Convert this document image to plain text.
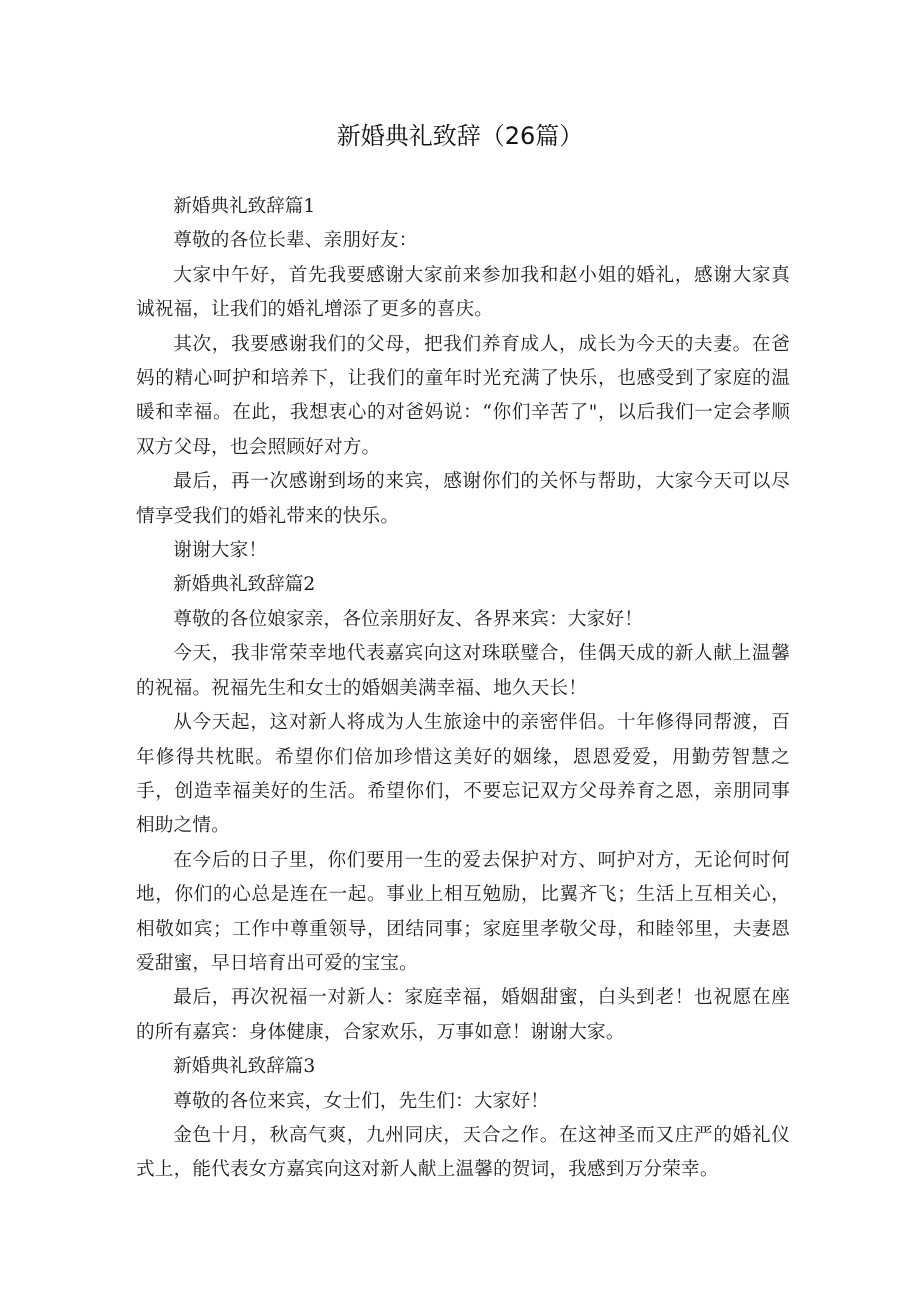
新婚典礼致辞（26篇）

新婚典礼致辞篇1

尊敬的各位长辈、亲朋好友：

大家中午好，首先我要感谢大家前来参加我和赵小姐的婚礼，感谢大家真诚祝福，让我们的婚礼增添了更多的喜庆。

其次，我要感谢我们的父母，把我们养育成人，成长为今天的夫妻。在爸妈的精心呵护和培养下，让我们的童年时光充满了快乐，也感受到了家庭的温暖和幸福。在此，我想衷心的对爸妈说：“你们辛苦了"，以后我们一定会孝顺双方父母，也会照顾好对方。

最后，再一次感谢到场的来宾，感谢你们的关怀与帮助，大家今天可以尽情享受我们的婚礼带来的快乐。

谢谢大家！

新婚典礼致辞篇2

尊敬的各位娘家亲，各位亲朋好友、各界来宾：大家好！

今天，我非常荣幸地代表嘉宾向这对珠联璧合，佳偶天成的新人献上温馨的祝福。祝福先生和女士的婚姻美满幸福、地久天长！

从今天起，这对新人将成为人生旅途中的亲密伴侣。十年修得同帮渡，百年修得共枕眠。希望你们倍加珍惜这美好的姻缘，恩恩爱爱，用勤劳智慧之手，创造幸福美好的生活。希望你们，不要忘记双方父母养育之恩，亲朋同事相助之情。

在今后的日子里，你们要用一生的爱去保护对方、呵护对方，无论何时何地，你们的心总是连在一起。事业上相互勉励，比翼齐飞；生活上互相关心，相敬如宾；工作中尊重领导，团结同事；家庭里孝敬父母，和睦邻里，夫妻恩爱甜蜜，早日培育出可爱的宝宝。

最后，再次祝福一对新人：家庭幸福，婚姻甜蜜，白头到老！也祝愿在座的所有嘉宾：身体健康，合家欢乐，万事如意！谢谢大家。

新婚典礼致辞篇3

尊敬的各位来宾，女士们，先生们：大家好！

金色十月，秋高气爽，九州同庆，天合之作。在这神圣而又庄严的婚礼仪式上，能代表女方嘉宾向这对新人献上温馨的贺词，我感到万分荣幸。
